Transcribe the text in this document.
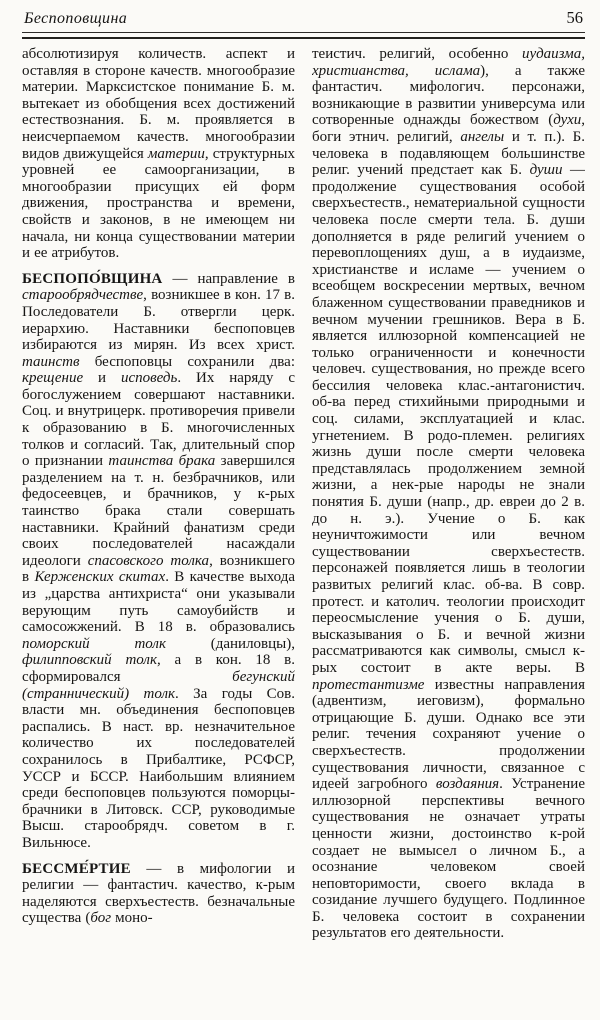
Беспоповщина	56

абсолютизируя количеств. аспект и оставляя в стороне качеств. многообразие материи. Марксистское понимание Б. м. вытекает из обобщения всех достижений естествознания. Б. м. проявляется в неисчерпаемом качеств. многообразии видов движущейся материи, структурных уровней ее самоорганизации, в многообразии присущих ей форм движения, пространства и времени, свойств и законов, в не имеющем ни начала, ни конца существовании материи и ее атрибутов.

БЕСПОПО́ВЩИНА — направление в старообрядчестве, возникшее в кон. 17 в. Последователи Б. отвергли церк. иерархию. Наставники беспоповцев избираются из мирян. Из всех христ. таинств беспоповцы сохранили два: крещение и исповедь. Их наряду с богослужением совершают наставники. Соц. и внутрицерк. противоречия привели к образованию в Б. многочисленных толков и согласий. Так, длительный спор о признании таинства брака завершился разделением на т. н. безбрачников, или федосеевцев, и брачников, у к-рых таинство брака стали совершать наставники. Крайний фанатизм среди своих последователей насаждали идеологи спасовского толка, возникшего в Керженских скитах. В качестве выхода из „царства антихриста“ они указывали верующим путь самоубийств и самосожжений. В 18 в. образовались поморский толк (даниловцы), филипповский толк, а в кон. 18 в. сформировался бегунский (страннический) толк. За годы Сов. власти мн. объединения беспоповцев распались. В наст. вр. незначительное количество их последователей сохранилось в Прибалтике, РСФСР, УССР и БССР. Наибольшим влиянием среди беспоповцев пользуются поморцы-брачники в Литовск. ССР, руководимые Высш. старообрядч. советом в г. Вильнюсе.

БЕССМЕ́РТИЕ — в мифологии и религии — фантастич. качество, к-рым наделяются сверхъестеств. безначальные существа (бог моно-

теистич. религий, особенно иудаизма, христианства, ислама), а также фантастич. мифологич. персонажи, возникающие в развитии универсума или сотворенные однажды божеством (духи, боги этнич. религий, ангелы и т. п.). Б. человека в подавляющем большинстве религ. учений предстает как Б. души — продолжение существования особой сверхъестеств., нематериальной сущности человека после смерти тела. Б. души дополняется в ряде религий учением о перевоплощениях душ, а в иудаизме, христианстве и исламе — учением о всеобщем воскресении мертвых, вечном блаженном существовании праведников и вечном мучении грешников. Вера в Б. является иллюзорной компенсацией не только ограниченности и конечности человеч. существования, но прежде всего бессилия человека клас.-антагонистич. об-ва перед стихийными природными и соц. силами, эксплуатацией и клас. угнетением. В родо-племен. религиях жизнь души после смерти человека представлялась продолжением земной жизни, а нек-рые народы не знали понятия Б. души (напр., др. евреи до 2 в. до н. э.). Учение о Б. как неуничтожимости или вечном существовании сверхъестеств. персонажей появляется лишь в теологии развитых религий клас. об-ва. В совр. протест. и католич. теологии происходит переосмысление учения о Б. души, высказывания о Б. и вечной жизни рассматриваются как символы, смысл к-рых состоит в акте веры. В протестантизме известны направления (адвентизм, иеговизм), формально отрицающие Б. души. Однако все эти религ. течения сохраняют учение о сверхъестеств. продолжении существования личности, связанное с идеей загробного воздаяния. Устранение иллюзорной перспективы вечного существования не означает утраты ценности жизни, достоинство к-рой создает не вымысел о личном Б., а осознание человеком своей неповторимости, своего вклада в созидание лучшего будущего. Подлинное Б. человека состоит в сохранении результатов его деятельности.
